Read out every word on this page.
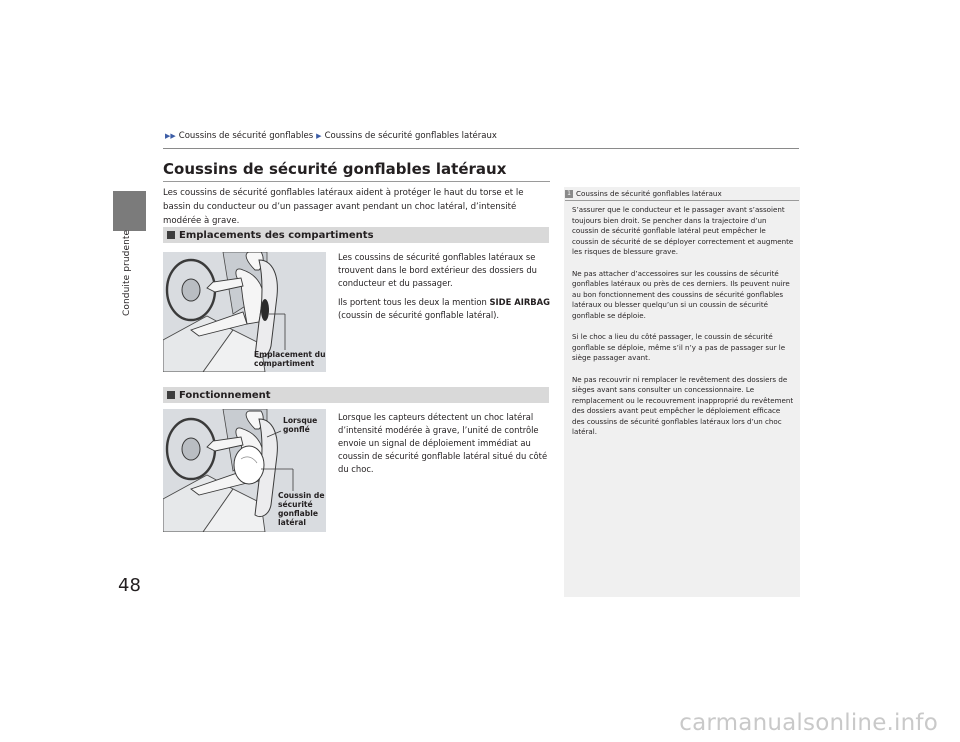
Conduite prudente
48
▶▶ Coussins de sécurité gonflables ▶ Coussins de sécurité gonflables latéraux
Coussins de sécurité gonflables latéraux

Les coussins de sécurité gonflables latéraux aident à protéger le haut du torse et le bassin du conducteur ou d’un passager avant pendant un choc latéral, d’intensité modérée à grave.

Emplacements des compartiments
Emplacement du compartiment

Les coussins de sécurité gonflables latéraux se trouvent dans le bord extérieur des dossiers du conducteur et du passager.

Ils portent tous les deux la mention SIDE AIRBAG (coussin de sécurité gonflable latéral).

Fonctionnement
Lorsque gonflé
Coussin de sécurité gonflable latéral

Lorsque les capteurs détectent un choc latéral d’intensité modérée à grave, l’unité de contrôle envoie un signal de déploiement immédiat au coussin de sécurité gonflable latéral situé du côté du choc.

1 Coussins de sécurité gonflables latéraux

S’assurer que le conducteur et le passager avant s’assoient toujours bien droit. Se pencher dans la trajectoire d’un coussin de sécurité gonflable latéral peut empêcher le coussin de sécurité de se déployer correctement et augmente les risques de blessure grave.

Ne pas attacher d’accessoires sur les coussins de sécurité gonflables latéraux ou près de ces derniers. Ils peuvent nuire au bon fonctionnement des coussins de sécurité gonflables latéraux ou blesser quelqu’un si un coussin de sécurité gonflable se déploie.

Si le choc a lieu du côté passager, le coussin de sécurité gonflable se déploie, même s’il n’y a pas de passager sur le siège passager avant.

Ne pas recouvrir ni remplacer le revêtement des dossiers de sièges avant sans consulter un concessionnaire. Le remplacement ou le recouvrement inapproprié du revêtement des dossiers avant peut empêcher le déploiement efficace des coussins de sécurité gonflables latéraux lors d’un choc latéral.

carmanualsonline.info
